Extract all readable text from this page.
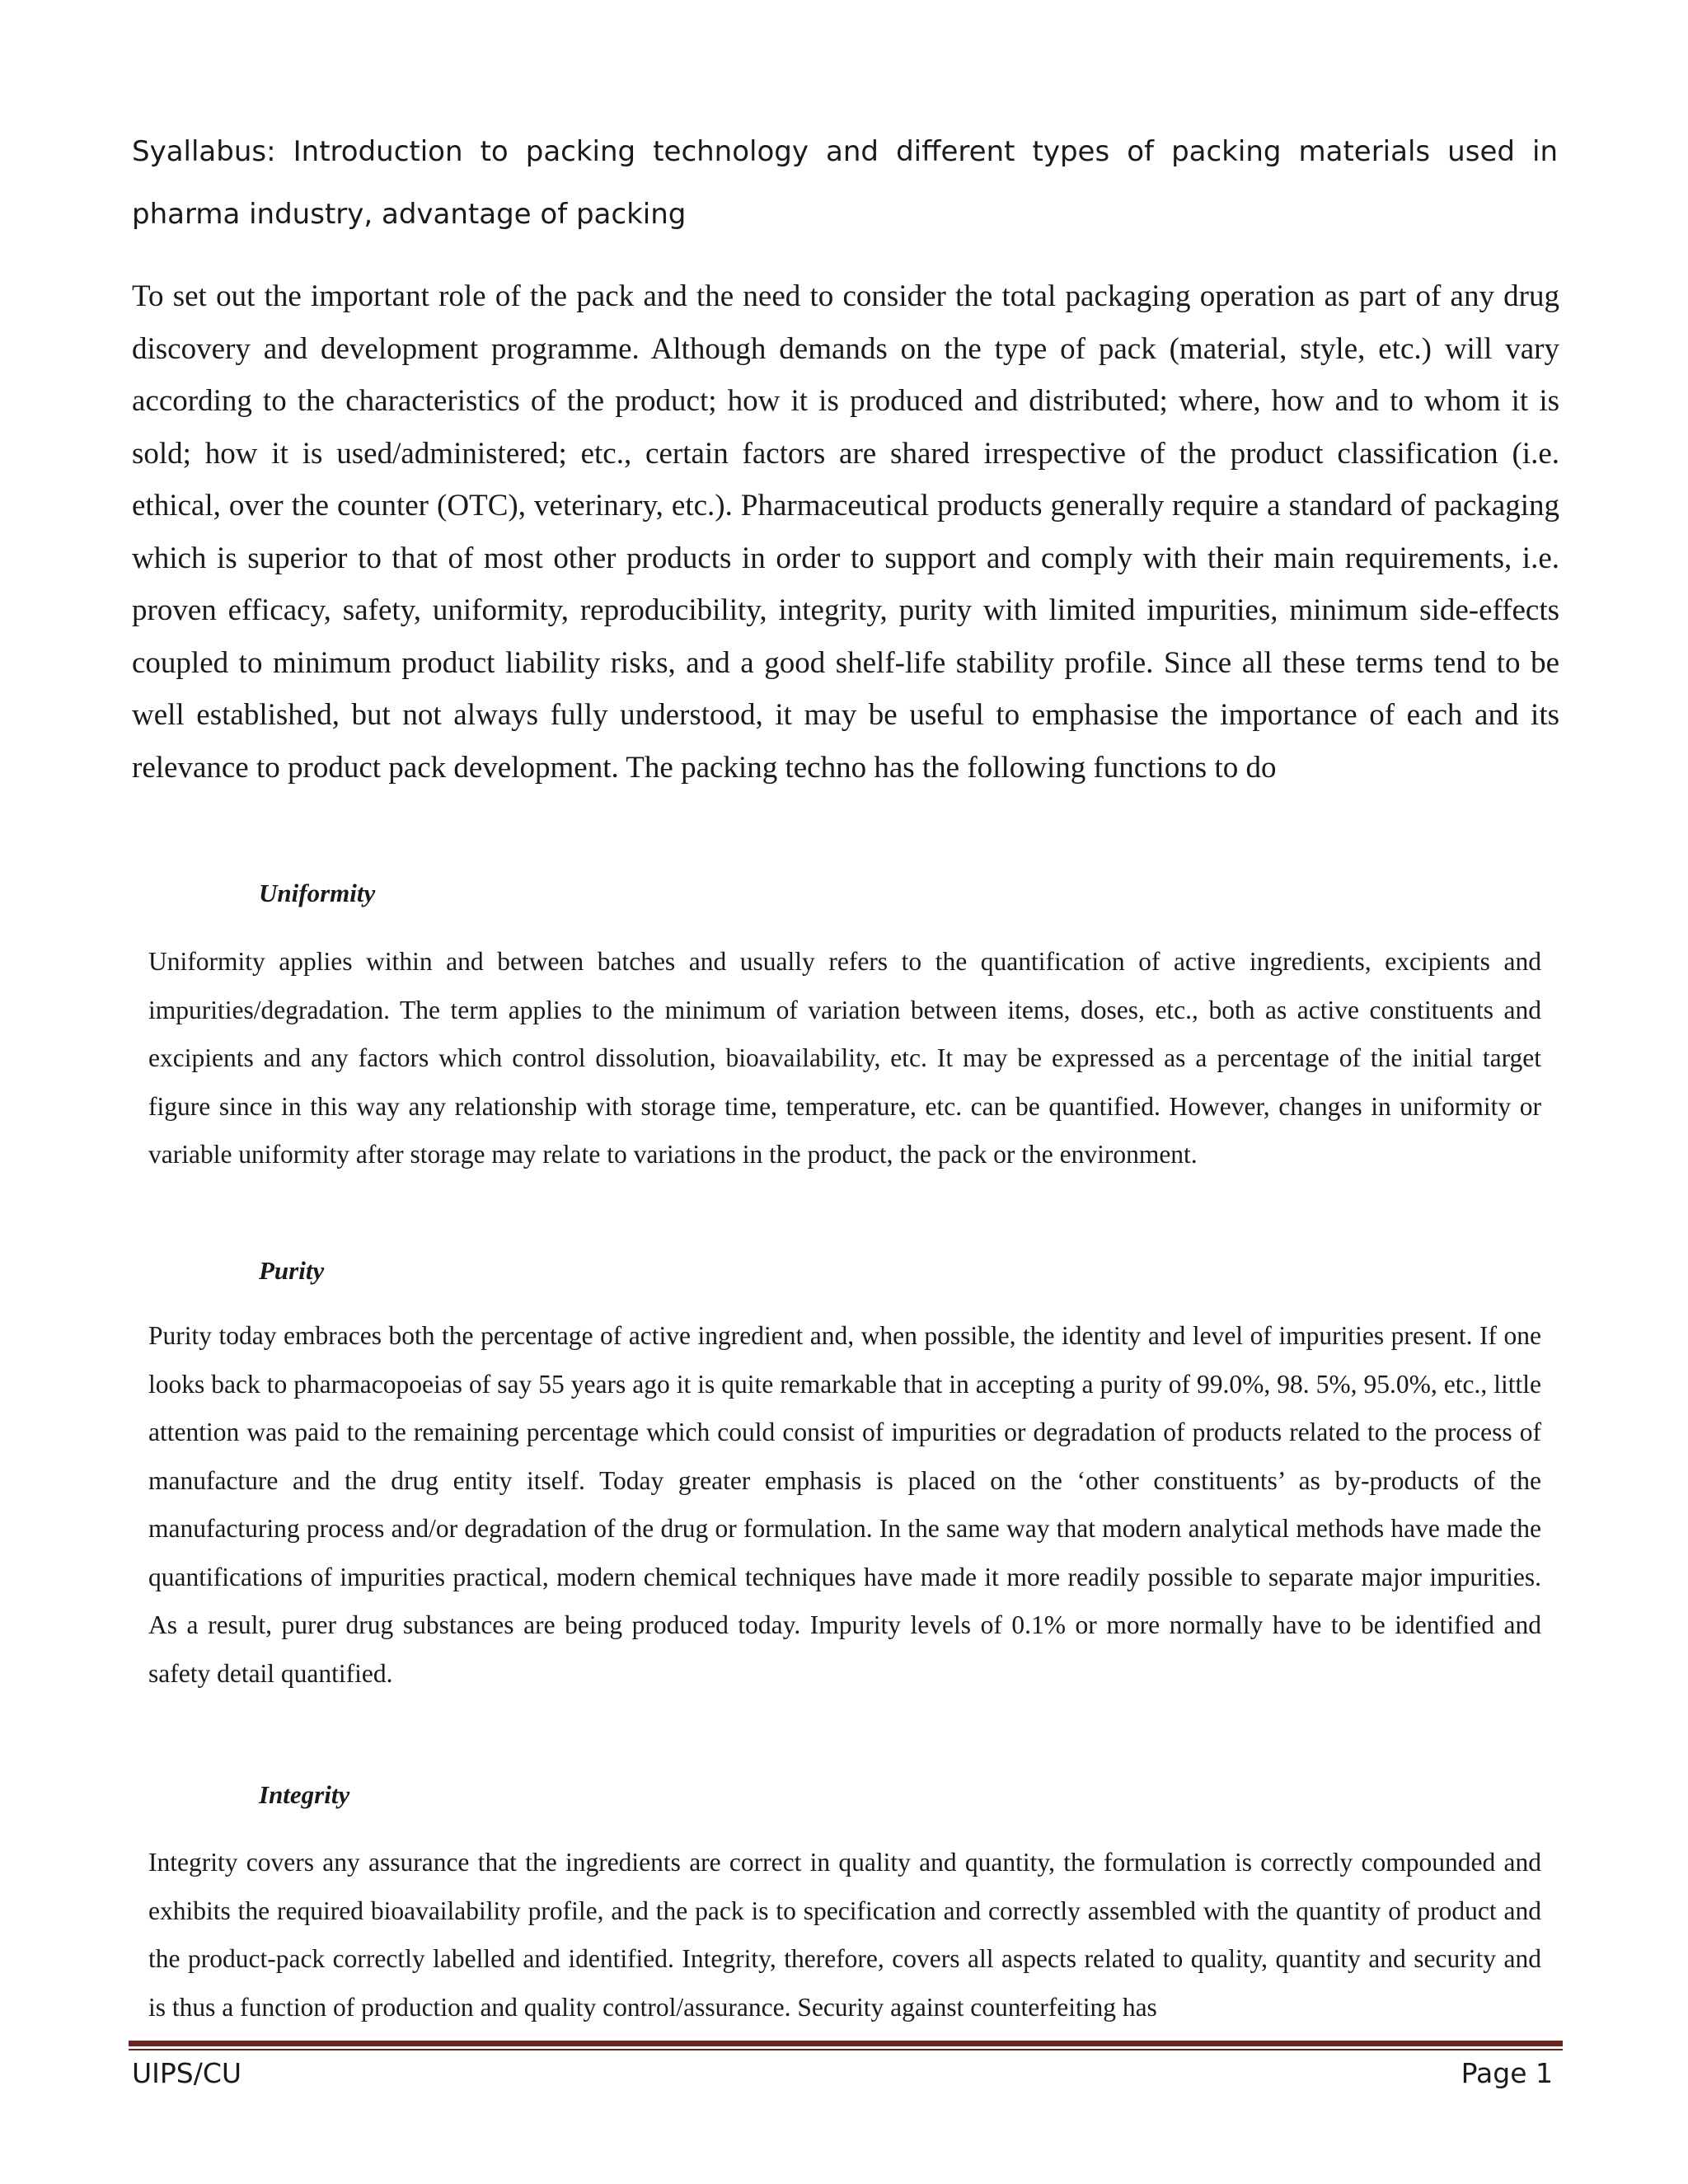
Syallabus: Introduction to packing technology and different types of packing materials used in pharma industry, advantage of packing

To set out the important role of the pack and the need to consider the total packaging operation as part of any drug discovery and development programme. Although demands on the type of pack (material, style, etc.) will vary according to the characteristics of the product; how it is produced and distributed; where, how and to whom it is sold; how it is used/administered; etc., certain factors are shared irrespective of the product classification (i.e. ethical, over the counter (OTC), veterinary, etc.). Pharmaceutical products generally require a standard of packaging which is superior to that of most other products in order to support and comply with their main requirements, i.e. proven efficacy, safety, uniformity, reproducibility, integrity, purity with limited impurities, minimum side-effects coupled to minimum product liability risks, and a good shelf-life stability profile. Since all these terms tend to be well established, but not always fully understood, it may be useful to emphasise the importance of each and its relevance to product pack development. The packing techno has the following functions to do

Uniformity

Uniformity applies within and between batches and usually refers to the quantification of active ingredients, excipients and impurities/degradation. The term applies to the minimum of variation between items, doses, etc., both as active constituents and excipients and any factors which control dissolution, bioavailability, etc. It may be expressed as a percentage of the initial target figure since in this way any relationship with storage time, temperature, etc. can be quantified. However, changes in uniformity or variable uniformity after storage may relate to variations in the product, the pack or the environment.

Purity

Purity today embraces both the percentage of active ingredient and, when possible, the identity and level of impurities present. If one looks back to pharmacopoeias of say 55 years ago it is quite remarkable that in accepting a purity of 99.0%, 98. 5%, 95.0%, etc., little attention was paid to the remaining percentage which could consist of impurities or degradation of products related to the process of manufacture and the drug entity itself. Today greater emphasis is placed on the ‘other constituents’ as by-products of the manufacturing process and/or degradation of the drug or formulation. In the same way that modern analytical methods have made the quantifications of impurities practical, modern chemical techniques have made it more readily possible to separate major impurities. As a result, purer drug substances are being produced today. Impurity levels of 0.1% or more normally have to be identified and safety detail quantified.

Integrity

Integrity covers any assurance that the ingredients are correct in quality and quantity, the formulation is correctly compounded and exhibits the required bioavailability profile, and the pack is to specification and correctly assembled with the quantity of product and the product-pack correctly labelled and identified. Integrity, therefore, covers all aspects related to quality, quantity and security and is thus a function of production and quality control/assurance. Security against counterfeiting has

UIPS/CU	Page 1
